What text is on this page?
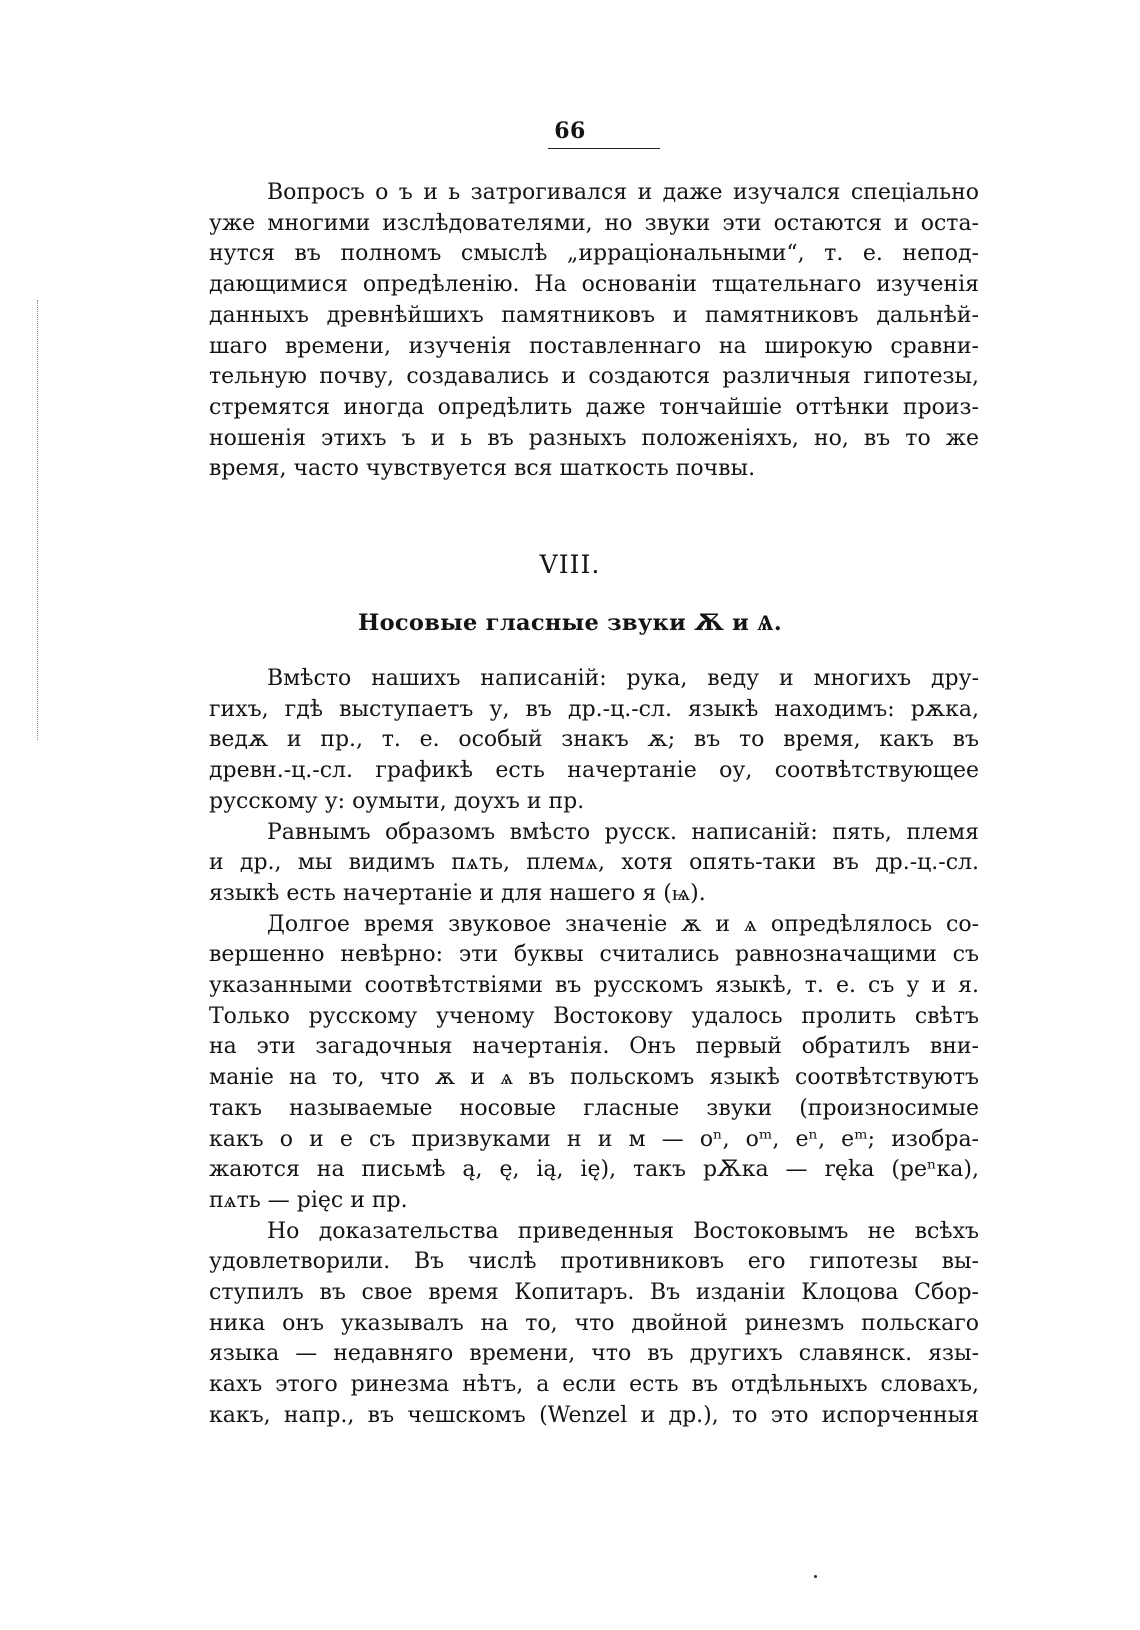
66
Вопросъ о ъ и ь затрогивался и даже изучался спеціально
уже многими изслѣдователями, но звуки эти остаются и оста-
нутся въ полномъ смыслѣ „ирраціональными“, т. е. непод-
дающимися опредѣленію. На основаніи тщательнаго изученія
данныхъ древнѣйшихъ памятниковъ и памятниковъ дальнѣй-
шаго времени, изученія поставленнаго на широкую сравни-
тельную почву, создавались и создаются различныя гипотезы,
стремятся иногда опредѣлить даже тончайшіе оттѣнки произ-
ношенія этихъ ъ и ь въ разныхъ положеніяхъ, но, въ то же
время, часто чувствуется вся шаткость почвы.
VIII.
Носовые гласные звуки Ѫ и Ѧ.
Вмѣсто нашихъ написаній: рука, веду и многихъ дру-
гихъ, гдѣ выступаетъ у, въ др.-ц.-сл. языкѣ находимъ: рѫка,
ведѫ и пр., т. е. особый знакъ ѫ; въ то время, какъ въ
древн.-ц.-сл. графикѣ есть начертаніе оу, соотвѣтствующее
русскому у: оумыти, доухъ и пр.
Равнымъ образомъ вмѣсто русск. написаній: пять, племя
и др., мы видимъ пѧть, племѧ, хотя опять-таки въ др.-ц.-сл.
языкѣ есть начертаніе и для нашего я (ѩ).
Долгое время звуковое значеніе ѫ и ѧ опредѣлялось со-
вершенно невѣрно: эти буквы считались равнозначащими съ
указанными соотвѣтствіями въ русскомъ языкѣ, т. е. съ у и я.
Только русскому ученому Востокову удалось пролить свѣтъ
на эти загадочныя начертанія. Онъ первый обратилъ вни-
маніе на то, что ѫ и ѧ въ польскомъ языкѣ соотвѣтствуютъ
такъ называемые носовые гласные звуки (произносимые
какъ о и е съ призвуками н и м — оⁿ, оᵐ, еⁿ, еᵐ; изобра-
жаются на письмѣ ą, ę, ią, ię), такъ рѪка — ręka (реⁿка),
пѧть — pięc и пр.
Но доказательства приведенныя Востоковымъ не всѣхъ
удовлетворили. Въ числѣ противниковъ его гипотезы вы-
ступилъ въ свое время Копитаръ. Въ изданіи Клоцова Сбор-
ника онъ указывалъ на то, что двойной ринезмъ польскаго
языка — недавняго времени, что въ другихъ славянск. язы-
кахъ этого ринезма нѣтъ, а если есть въ отдѣльныхъ словахъ,
какъ, напр., въ чешскомъ (Wenzel и др.), то это испорченныя
